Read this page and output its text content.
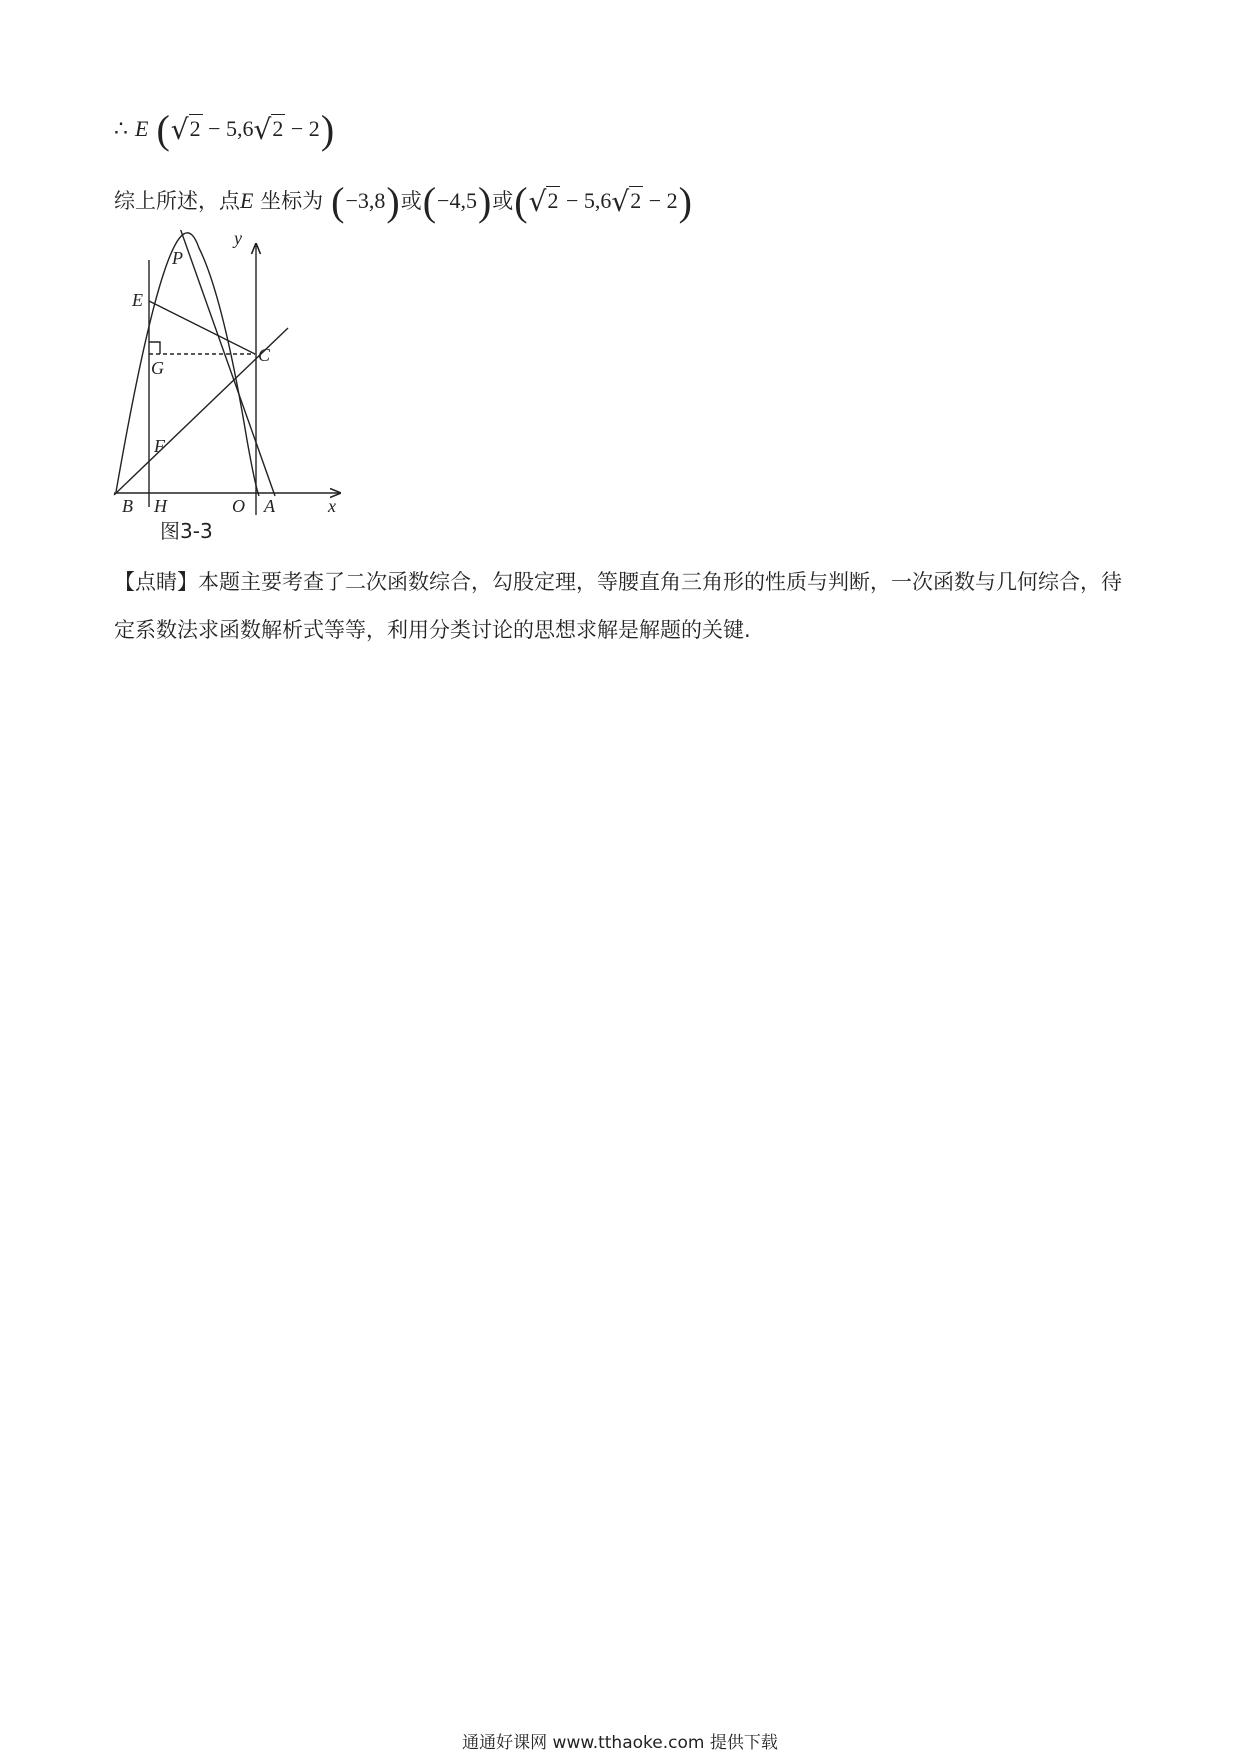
∴ E (√2 − 5,6√2 − 2)
综上所述，点E 坐标为 (−3,8)或(−4,5)或(√2 − 5,6√2 − 2)
y
P
E
G
C
F
B H	O A	x
图3-3
【点睛】本题主要考查了二次函数综合，勾股定理，等腰直角三角形的性质与判断，一次函数与几何综合，待定系数法求函数解析式等等，利用分类讨论的思想求解是解题的关键.
通通好课网 www.tthaoke.com 提供下载
